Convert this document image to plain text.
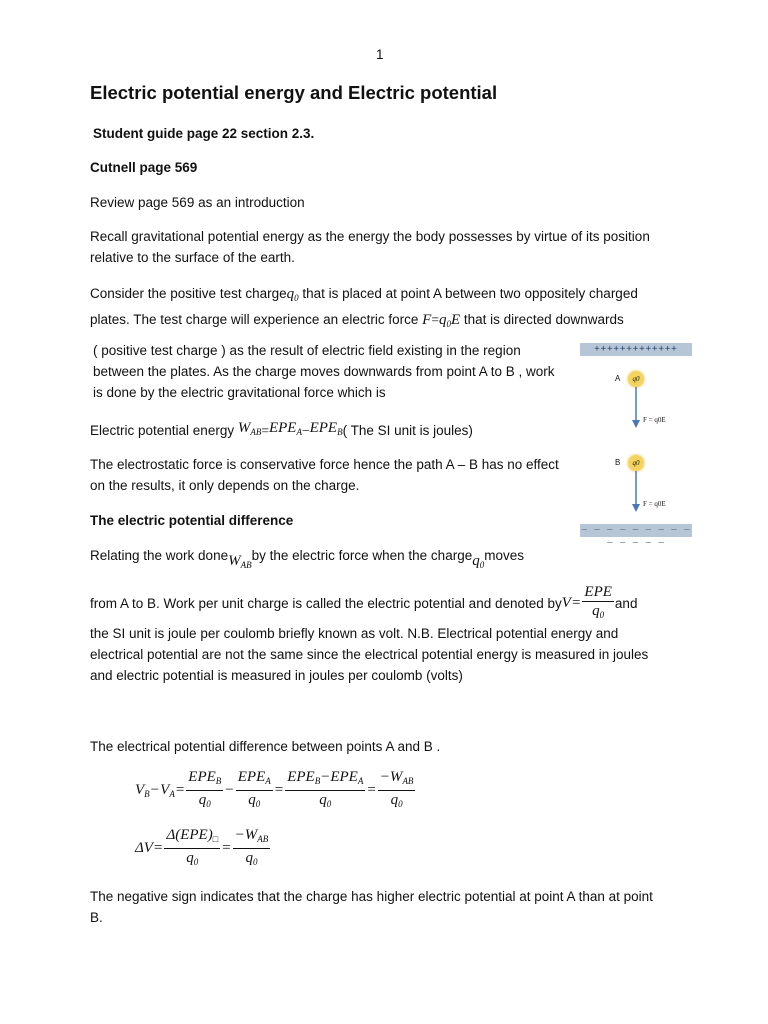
1
Electric potential energy and Electric potential
Student guide page 22 section 2.3.
Cutnell page 569
Review page 569 as an introduction
Recall gravitational potential energy as the energy the body possesses by virtue of its position
relative to the surface of the earth.
Consider the positive test chargeq$_0$ that is placed at point A between two oppositely charged
plates. The test charge will experience an electric force $F=q_0E$ that is directed downwards
( positive test charge ) as the result of electric field existing in the region
between the plates. As the charge moves downwards from point A to B , work
is done by the electric gravitational force which is
Electric potential energy
$W_{AB} = EPE_A - EPE_B$ ( The SI unit is joules)
The electrostatic force is conservative force hence the path A – B has no effect
on the results, it only depends on the charge.
The electric potential difference
Relating the work done $W_{AB}$
by the electric force when the charge $q_0$
moves
from A to B. Work per unit charge is called the electric potential and denoted by $V = \frac{\text{EPE}}{q_0}$ and
the SI unit is joule per coulomb briefly known as volt. N.B. Electrical potential energy and
electrical potential are not the same since the electrical potential energy is measured in joules
and electric potential is measured in joules per coulomb (volts)
The electrical potential difference between points A and B .
$V_B - V_A = \frac{EPE_B}{q_0} - \frac{EPE_A}{q_0} = \frac{EPE_B-EPE_A}{q_0} = \frac{-W_{AB}}{q_0}$
$\Delta V = \frac{\Delta(EPE)_□}{q_0} = \frac{-W_{AB}}{q_0}$
The negative sign indicates that the charge has higher electric potential at point A than at point
B.
+++++++++++++
A	q0
F = q0E
B	q0
F = q0E
– – – – – – – – – – – – – –
